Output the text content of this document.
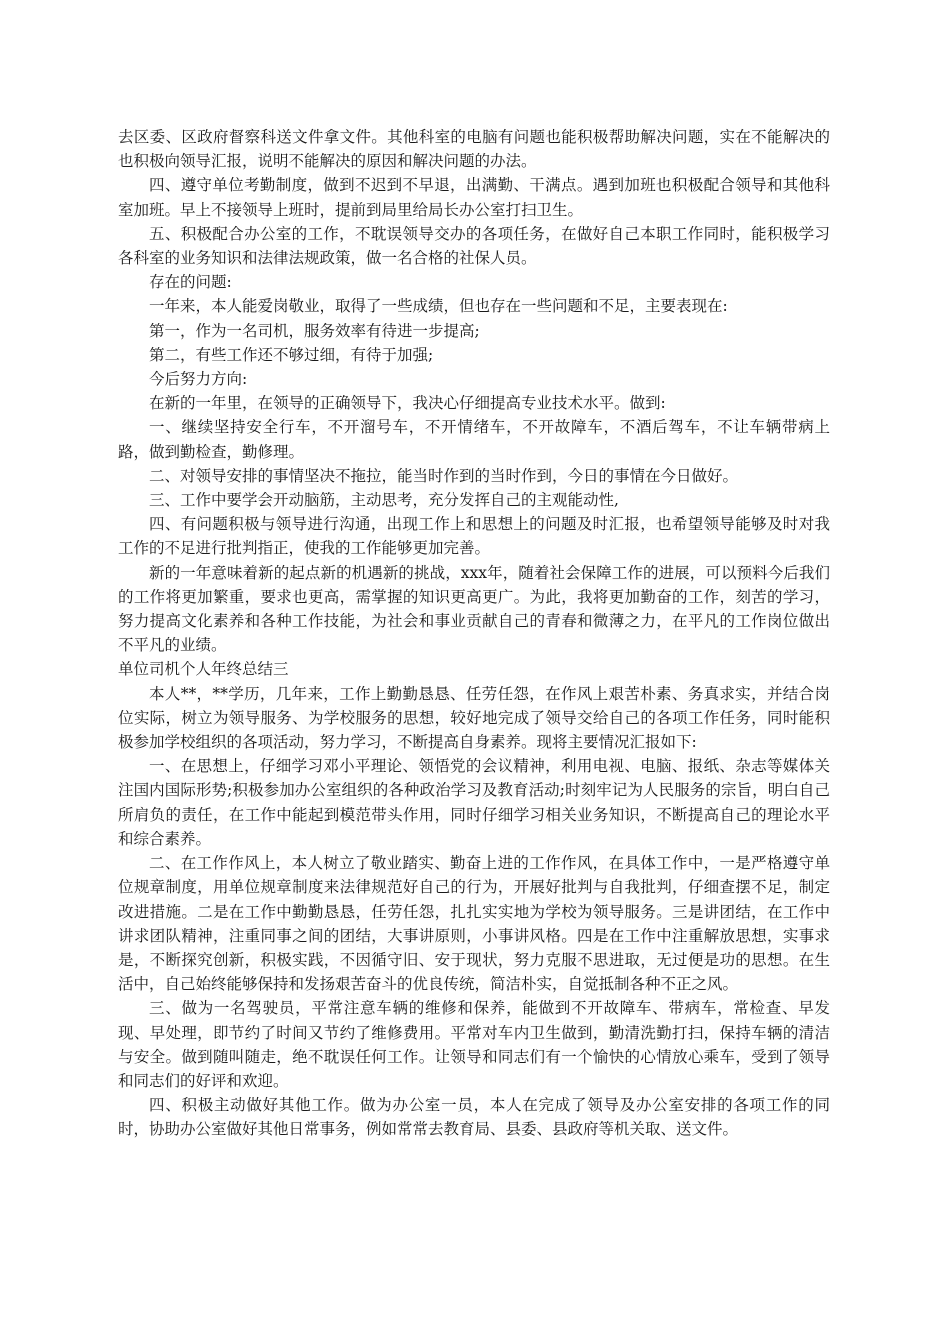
去区委、区政府督察科送文件拿文件。其他科室的电脑有问题也能积极帮助解决问题，实在不能解决的也积极向领导汇报，说明不能解决的原因和解决问题的办法。

四、遵守单位考勤制度，做到不迟到不早退，出满勤、干满点。遇到加班也积极配合领导和其他科室加班。早上不接领导上班时，提前到局里给局长办公室打扫卫生。

五、积极配合办公室的工作，不耽误领导交办的各项任务，在做好自己本职工作同时，能积极学习各科室的业务知识和法律法规政策，做一名合格的社保人员。

存在的问题:

一年来，本人能爱岗敬业，取得了一些成绩，但也存在一些问题和不足，主要表现在:

第一，作为一名司机，服务效率有待进一步提高;

第二，有些工作还不够过细，有待于加强;

今后努力方向:

在新的一年里，在领导的正确领导下，我决心仔细提高专业技术水平。做到:

一、继续坚持安全行车，不开溜号车，不开情绪车，不开故障车，不酒后驾车，不让车辆带病上路，做到勤检查，勤修理。

二、对领导安排的事情坚决不拖拉，能当时作到的当时作到，今日的事情在今日做好。

三、工作中要学会开动脑筋，主动思考，充分发挥自己的主观能动性,

四、有问题积极与领导进行沟通，出现工作上和思想上的问题及时汇报，也希望领导能够及时对我工作的不足进行批判指正，使我的工作能够更加完善。

新的一年意味着新的起点新的机遇新的挑战，xxx年，随着社会保障工作的进展，可以预料今后我们的工作将更加繁重，要求也更高，需掌握的知识更高更广。为此，我将更加勤奋的工作，刻苦的学习，努力提高文化素养和各种工作技能，为社会和事业贡献自己的青春和微薄之力，在平凡的工作岗位做出不平凡的业绩。

单位司机个人年终总结三

本人**，**学历，几年来，工作上勤勤恳恳、任劳任怨，在作风上艰苦朴素、务真求实，并结合岗位实际，树立为领导服务、为学校服务的思想，较好地完成了领导交给自己的各项工作任务，同时能积极参加学校组织的各项活动，努力学习，不断提高自身素养。现将主要情况汇报如下:

一、在思想上，仔细学习邓小平理论、领悟党的会议精神，利用电视、电脑、报纸、杂志等媒体关注国内国际形势;积极参加办公室组织的各种政治学习及教育活动;时刻牢记为人民服务的宗旨，明白自己所肩负的责任，在工作中能起到模范带头作用，同时仔细学习相关业务知识，不断提高自己的理论水平和综合素养。

二、在工作作风上，本人树立了敬业踏实、勤奋上进的工作作风，在具体工作中，一是严格遵守单位规章制度，用单位规章制度来法律规范好自己的行为，开展好批判与自我批判，仔细查摆不足，制定改进措施。二是在工作中勤勤恳恳，任劳任怨，扎扎实实地为学校为领导服务。三是讲团结，在工作中讲求团队精神，注重同事之间的团结，大事讲原则，小事讲风格。四是在工作中注重解放思想，实事求是，不断探究创新，积极实践，不因循守旧、安于现状，努力克服不思进取，无过便是功的思想。在生活中，自己始终能够保持和发扬艰苦奋斗的优良传统，简洁朴实，自觉抵制各种不正之风。

三、做为一名驾驶员，平常注意车辆的维修和保养，能做到不开故障车、带病车，常检查、早发现、早处理，即节约了时间又节约了维修费用。平常对车内卫生做到，勤清洗勤打扫，保持车辆的清洁与安全。做到随叫随走，绝不耽误任何工作。让领导和同志们有一个愉快的心情放心乘车，受到了领导和同志们的好评和欢迎。

四、积极主动做好其他工作。做为办公室一员，本人在完成了领导及办公室安排的各项工作的同时，协助办公室做好其他日常事务，例如常常去教育局、县委、县政府等机关取、送文件。
